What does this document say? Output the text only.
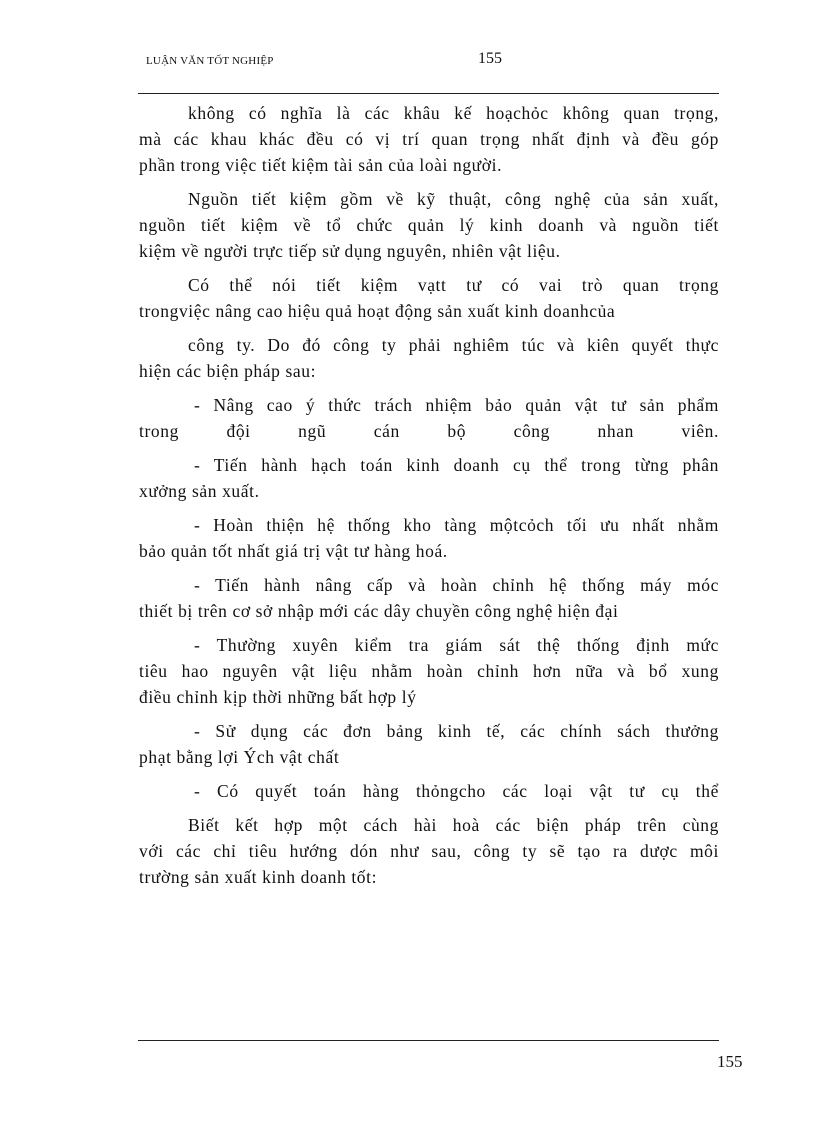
LUẬN VĂN TỐT NGHIỆP	155

không có nghĩa là các khâu kế hoạchỏc không quan trọng,
mà các khau khác đều có vị trí quan trọng nhất định và đều góp
phần trong việc tiết kiệm tài sản của loài người.

Nguồn tiết kiệm gồm về kỹ thuật, công nghệ của sản xuất,
nguồn tiết kiệm về tổ chức quản lý kinh doanh và nguồn tiết
kiệm về người trực tiếp sử dụng nguyên, nhiên vật liệu.

Có thể nói tiết kiệm vạtt tư có vai trò quan trọng
trongviệc nâng cao hiệu quả hoạt động sản xuất kinh doanhcủa

công ty. Do đó công ty phải nghiêm túc và kiên quyết thực
hiện các biện pháp sau:

- Nâng cao ý thức trách nhiệm bảo quản vật tư sản phẩm
trong đội ngũ cán bộ công nhan viên.

- Tiến hành hạch toán kinh doanh cụ thể trong từng phân
xưởng sản xuất.

- Hoàn thiện hệ thống kho tàng mộtcỏch tối ưu nhất nhằm
bảo quản tốt nhất giá trị vật tư hàng hoá.

- Tiến hành nâng cấp và hoàn chỉnh hệ thống máy móc
thiết bị trên cơ sở nhập mới các dây chuyền công nghệ hiện đại

- Thường xuyên kiểm tra giám sát thệ thống định mức
tiêu hao nguyên vật liệu nhằm hoàn chỉnh hơn nữa và bổ xung
điều chỉnh kịp thời những bất hợp lý

- Sử dụng các đơn bảng kinh tế, các chính sách thưởng
phạt bằng lợi Ých vật chất

- Có quyết toán hàng thỏngcho các loại vật tư cụ thể

Biết kết hợp một cách hài hoà các biện pháp trên cùng
với các chỉ tiêu hướng dón như sau, công ty sẽ tạo ra dược môi
trường sản xuất kinh doanh tốt:

155
